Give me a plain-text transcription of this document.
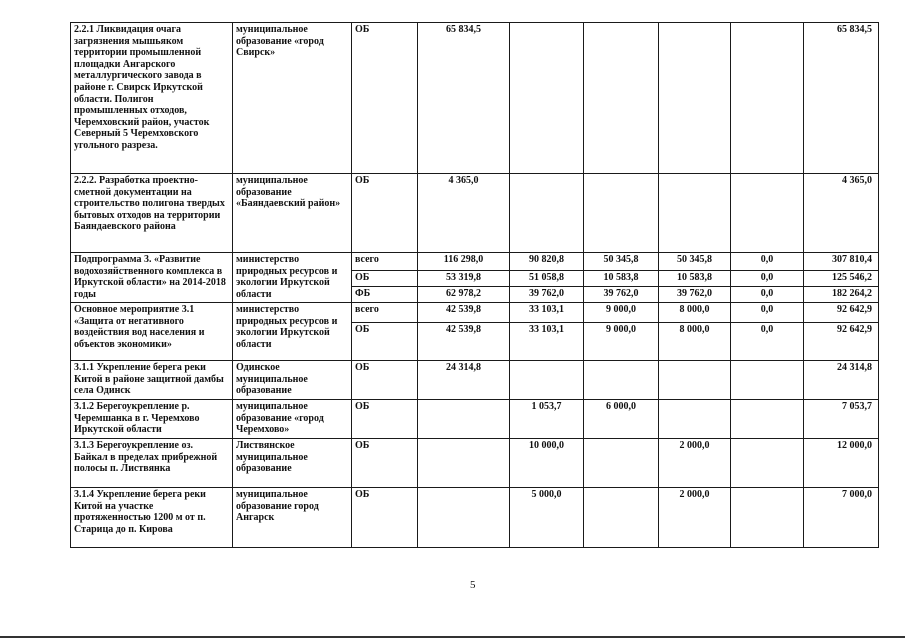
2.2.1 Ликвидация очага загрязнения мышьяком территории промышленной площадки Ангарского металлургического завода в районе г. Свирск Иркутской области. Полигон промышленных отходов, Черемховский район, участок Северный 5 Черемховского угольного разреза.	муниципальное образование «город Свирск»	ОБ	65 834,5					65 834,5
2.2.2. Разработка проектно-сметной документации на строительство полигона твердых бытовых отходов на территории Баяндаевского района	муниципальное образование «Баяндаевский район»	ОБ	4 365,0					4 365,0
Подпрограмма 3. «Развитие водохозяйственного комплекса в Иркутской области» на 2014-2018 годы	министерство природных ресурсов и экологии Иркутской области	всего	116 298,0	90 820,8	50 345,8	50 345,8	0,0	307 810,4
		ОБ	53 319,8	51 058,8	10 583,8	10 583,8	0,0	125 546,2
		ФБ	62 978,2	39 762,0	39 762,0	39 762,0	0,0	182 264,2
Основное мероприятие 3.1 «Защита от негативного воздействия вод населения и объектов экономики»	министерство природных ресурсов и экологии Иркутской области	всего	42 539,8	33 103,1	9 000,0	8 000,0	0,0	92 642,9
		ОБ	42 539,8	33 103,1	9 000,0	8 000,0	0,0	92 642,9
3.1.1 Укрепление берега реки Китой в районе защитной дамбы села Одинск	Одинское муниципальное образование	ОБ	24 314,8					24 314,8
3.1.2 Берегоукрепление р. Черемшанка в г. Черемхово Иркутской области	муниципальное образование «город Черемхово»	ОБ		1 053,7	6 000,0			7 053,7
3.1.3 Берегоукрепление оз. Байкал в пределах прибрежной полосы п. Листвянка	Листвянское муниципальное образование	ОБ		10 000,0		2 000,0		12 000,0
3.1.4 Укрепление берега реки Китой на участке протяженностью 1200 м от п. Старица до п. Кирова	муниципальное образование город Ангарск	ОБ		5 000,0		2 000,0		7 000,0
5
